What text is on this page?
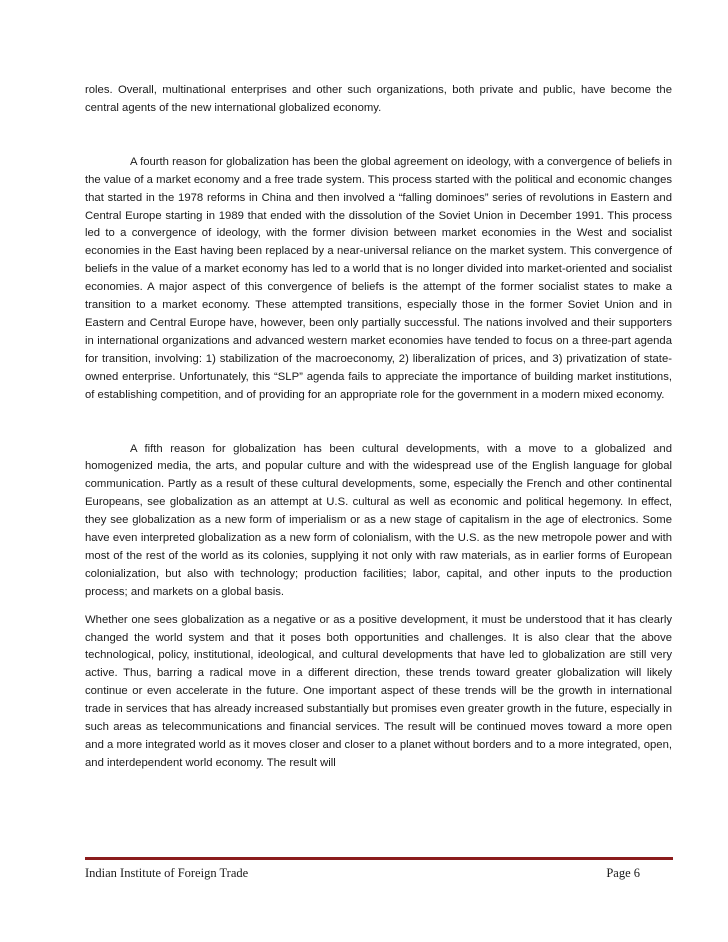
roles. Overall, multinational enterprises and other such organizations, both private and public, have become the central agents of the new international globalized economy.

A fourth reason for globalization has been the global agreement on ideology, with a convergence of beliefs in the value of a market economy and a free trade system. This process started with the political and economic changes that started in the 1978 reforms in China and then involved a “falling dominoes” series of revolutions in Eastern and Central Europe starting in 1989 that ended with the dissolution of the Soviet Union in December 1991. This process led to a convergence of ideology, with the former division between market economies in the West and socialist economies in the East having been replaced by a near-universal reliance on the market system. This convergence of beliefs in the value of a market economy has led to a world that is no longer divided into market-oriented and socialist economies. A major aspect of this convergence of beliefs is the attempt of the former socialist states to make a transition to a market economy. These attempted transitions, especially those in the former Soviet Union and in Eastern and Central Europe have, however, been only partially successful. The nations involved and their supporters in international organizations and advanced western market economies have tended to focus on a three-part agenda for transition, involving: 1) stabilization of the macroeconomy, 2) liberalization of prices, and 3) privatization of state-owned enterprise. Unfortunately, this “SLP” agenda fails to appreciate the importance of building market institutions, of establishing competition, and of providing for an appropriate role for the government in a modern mixed economy.

A fifth reason for globalization has been cultural developments, with a move to a globalized and homogenized media, the arts, and popular culture and with the widespread use of the English language for global communication. Partly as a result of these cultural developments, some, especially the French and other continental Europeans, see globalization as an attempt at U.S. cultural as well as economic and political hegemony. In effect, they see globalization as a new form of imperialism or as a new stage of capitalism in the age of electronics. Some have even interpreted globalization as a new form of colonialism, with the U.S. as the new metropole power and with most of the rest of the world as its colonies, supplying it not only with raw materials, as in earlier forms of European colonialization, but also with technology; production facilities; labor, capital, and other inputs to the production process; and markets on a global basis.

Whether one sees globalization as a negative or as a positive development, it must be understood that it has clearly changed the world system and that it poses both opportunities and challenges. It is also clear that the above technological, policy, institutional, ideological, and cultural developments that have led to globalization are still very active. Thus, barring a radical move in a different direction, these trends toward greater globalization will likely continue or even accelerate in the future. One important aspect of these trends will be the growth in international trade in services that has already increased substantially but promises even greater growth in the future, especially in such areas as telecommunications and financial services. The result will be continued moves toward a more open and a more integrated world as it moves closer and closer to a planet without borders and to a more integrated, open, and interdependent world economy. The result will

Indian Institute of Foreign Trade	Page 6
